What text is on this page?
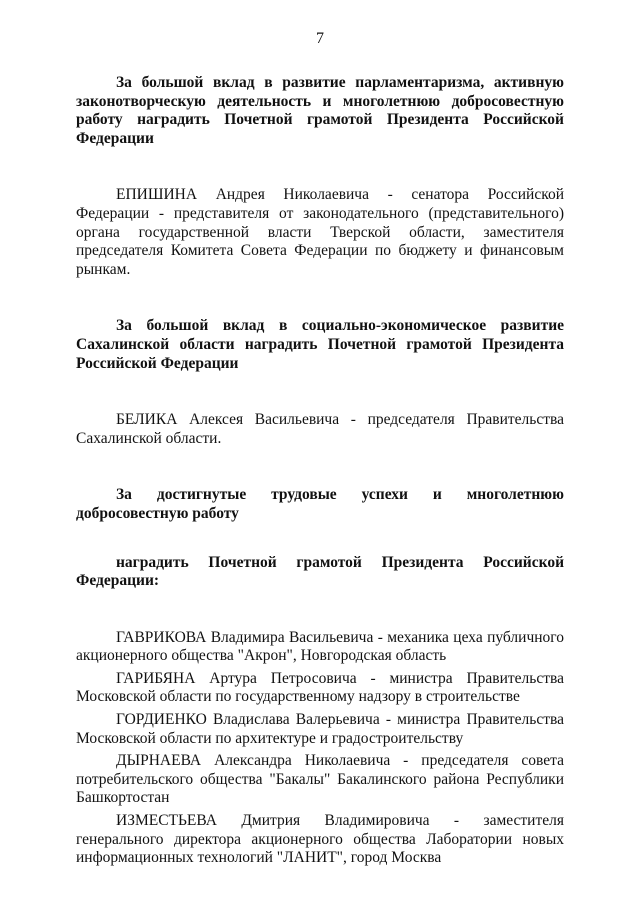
7

За большой вклад в развитие парламентаризма, активную законотворческую деятельность и многолетнюю добросовестную работу наградить Почетной грамотой Президента Российской Федерации

ЕПИШИНА Андрея Николаевича - сенатора Российской Федерации - представителя от законодательного (представительного) органа государственной власти Тверской области, заместителя председателя Комитета Совета Федерации по бюджету и финансовым рынкам.

За большой вклад в социально-экономическое развитие Сахалинской области наградить Почетной грамотой Президента Российской Федерации

БЕЛИКА Алексея Васильевича - председателя Правительства Сахалинской области.

За достигнутые трудовые успехи и многолетнюю добросовестную работу

наградить Почетной грамотой Президента Российской Федерации:

ГАВРИКОВА Владимира Васильевича - механика цеха публичного акционерного общества "Акрон", Новгородская область

ГАРИБЯНА Артура Петросовича - министра Правительства Московской области по государственному надзору в строительстве

ГОРДИЕНКО Владислава Валерьевича - министра Правительства Московской области по архитектуре и градостроительству

ДЫРНАЕВА Александра Николаевича - председателя совета потребительского общества "Бакалы" Бакалинского района Республики Башкортостан

ИЗМЕСТЬЕВА Дмитрия Владимировича - заместителя генерального директора акционерного общества Лаборатории новых информационных технологий "ЛАНИТ", город Москва
